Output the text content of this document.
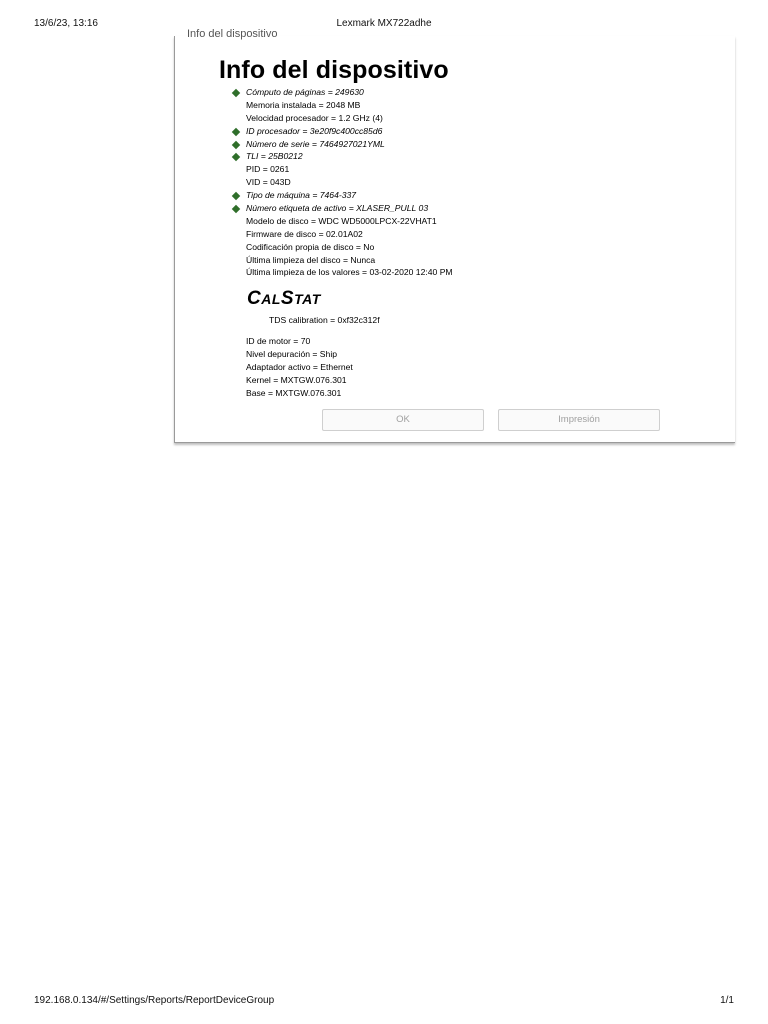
13/6/23, 13:16	Lexmark MX722adhe
Info del dispositivo
Info del dispositivo
Cómputo de páginas = 249630
Memoria instalada = 2048 MB
Velocidad procesador = 1.2 GHz (4)
ID procesador = 3e20f9c400cc85d6
Número de serie = 7464927021YML
TLI = 25B0212
PID = 0261
VID = 043D
Tipo de máquina = 7464-337
Número etiqueta de activo = XLASER_PULL 03
Modelo de disco = WDC WD5000LPCX-22VHAT1
Firmware de disco = 02.01A02
Codificación propia de disco = No
Última limpieza del disco = Nunca
Última limpieza de los valores = 03-02-2020 12:40 PM
CALSTAT
TDS calibration = 0xf32c312f
ID de motor = 70
Nivel depuración = Ship
Adaptador activo = Ethernet
Kernel = MXTGW.076.301
Base = MXTGW.076.301
OK	Impresión
192.168.0.134/#/Settings/Reports/ReportDeviceGroup	1/1
